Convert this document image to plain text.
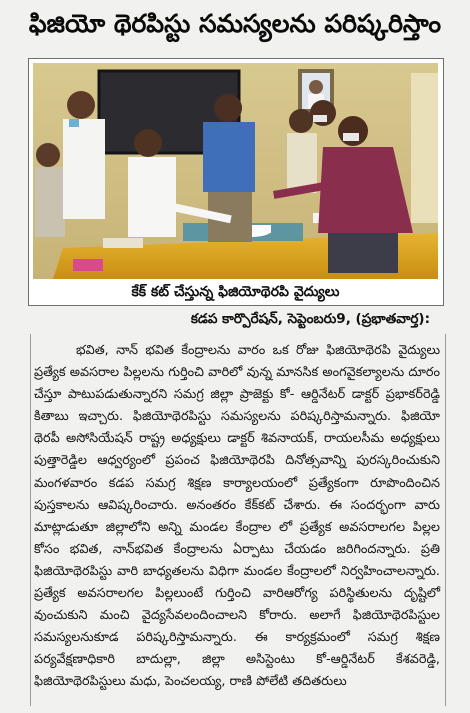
ఫిజియో థెరపిస్టు సమస్యలను పరిష్కరిస్తాం
కేక్ కట్ చేస్తున్న ఫిజియోథెరపి వైద్యులు
కడప కార్పొరేషన్, సెప్టెంబరు9, (ప్రభాతవార్త):

భవిత, నాన్ భవిత కేంద్రాలను వారం ఒక రోజు ఫిజియోథెరపి వైద్యులు ప్రత్యేక అవసరాల పిల్లలను గుర్తించి వారిలో వున్న మానసిక అంగవైకల్యాలను దూరం చేస్తూ పాటుపడుతున్నారని సమగ్ర జిల్లా ప్రాజెక్టు కో- ఆర్డినేటర్ డాక్టర్ ప్రభాకర్‌రెడ్డి కితాబు ఇచ్చారు. ఫిజియోథెరపిస్టు సమస్యలను పరిష్కరిస్తామన్నారు. ఫిజియో థెరపీ అసోసియేషన్ రాష్ట్ర అధ్యక్షులు డాక్టర్ శివనాయక్, రాయలసీమ అధ్యక్షులు పుత్తారెడ్డిల ఆధ్వర్యంలో ప్రపంచ ఫిజియోథెరపి దినోత్సవాన్ని పురస్కరించుకుని మంగళవారం కడప సమగ్ర శిక్షణ కార్యాలయంలో ప్రత్యేకంగా రూపొందించిన పుస్తకాలను ఆవిష్కరించారు. అనంతరం కేక్‌కట్ చేశారు. ఈ సందర్భంగా వారు మాట్లాడుతూ జిల్లాలోని అన్ని మండల కేంద్రాల లో ప్రత్యేక అవసరాలగల పిల్లల కోసం భవిత, నాన్‌భవిత కేంద్రాలను ఏర్పాటు చేయడం జరిగిందన్నారు. ప్రతి ఫిజియోథెరపిస్టు వారి బాధ్యతలను విధిగా మండల కేంద్రాలలో నిర్వహించాలన్నారు. ప్రత్యేక అవసరాలగల పిల్లలుంటే గుర్తించి వారిఆరోగ్య పరిస్థితులను దృష్టిలో వుంచుకుని మంచి వైద్యసేవలందించాలని కోరారు. అలాగే ఫిజియోథెరపిస్టుల సమస్యలనుకూడ పరిష్కరిస్తామన్నారు. ఈ కార్యక్రమంలో సమగ్ర శిక్షణ పర్యవేక్షణాధికారి బాదుల్లా, జిల్లా అసిస్టెంటు కో-ఆర్డినేటర్ కేశవరెడ్డి, ఫిజియోథెరపిస్టులు మధు, పెంచలయ్య, రాణి పోలేటి తదితరులు
